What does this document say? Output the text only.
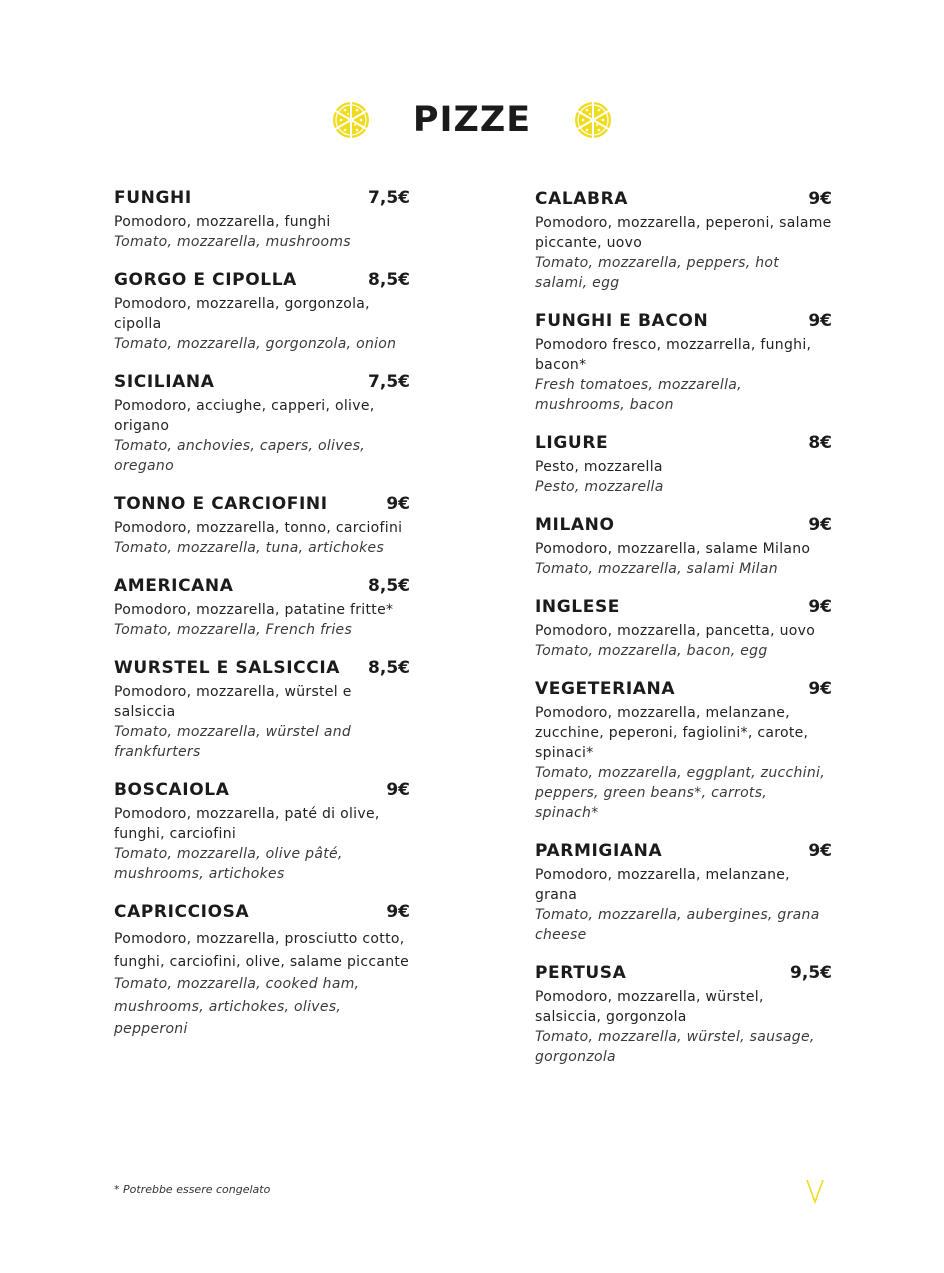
PIZZE
FUNGHI	7,5€
Pomodoro, mozzarella, funghi
Tomato, mozzarella, mushrooms
GORGO E CIPOLLA	8,5€
Pomodoro, mozzarella, gorgonzola, cipolla
Tomato, mozzarella, gorgonzola, onion
SICILIANA	7,5€
Pomodoro, acciughe, capperi, olive, origano
Tomato, anchovies, capers, olives, oregano
TONNO E CARCIOFINI	9€
Pomodoro, mozzarella, tonno, carciofini
Tomato, mozzarella, tuna, artichokes
AMERICANA	8,5€
Pomodoro, mozzarella, patatine fritte*
Tomato, mozzarella, French fries
WURSTEL E SALSICCIA 8,5€
Pomodoro, mozzarella, würstel e salsiccia
Tomato, mozzarella, würstel and frankfurters
BOSCAIOLA	9€
Pomodoro, mozzarella, paté di olive, funghi, carciofini
Tomato, mozzarella, olive pâté, mushrooms, artichokes
CAPRICCIOSA	9€
Pomodoro, mozzarella, prosciutto cotto, funghi, carciofini, olive, salame piccante
Tomato, mozzarella, cooked ham, mushrooms, artichokes, olives, pepperoni
CALABRA	9€
Pomodoro, mozzarella, peperoni, salame piccante, uovo
Tomato, mozzarella, peppers, hot salami, egg
FUNGHI E BACON	9€
Pomodoro fresco, mozzarrella, funghi, bacon*
Fresh tomatoes, mozzarella, mushrooms, bacon
LIGURE	8€
Pesto, mozzarella
Pesto, mozzarella
MILANO	9€
Pomodoro, mozzarella, salame Milano
Tomato, mozzarella, salami Milan
INGLESE	9€
Pomodoro, mozzarella, pancetta, uovo
Tomato, mozzarella, bacon, egg
VEGETERIANA	9€
Pomodoro, mozzarella, melanzane, zucchine, peperoni, fagiolini*, carote, spinaci*
Tomato, mozzarella, eggplant, zucchini, peppers, green beans*, carrots, spinach*
PARMIGIANA	9€
Pomodoro, mozzarella, melanzane, grana
Tomato, mozzarella, aubergines, grana cheese
PERTUSA	9,5€
Pomodoro, mozzarella, würstel, salsiccia, gorgonzola
Tomato, mozzarella, würstel, sausage, gorgonzola
* Potrebbe essere congelato
